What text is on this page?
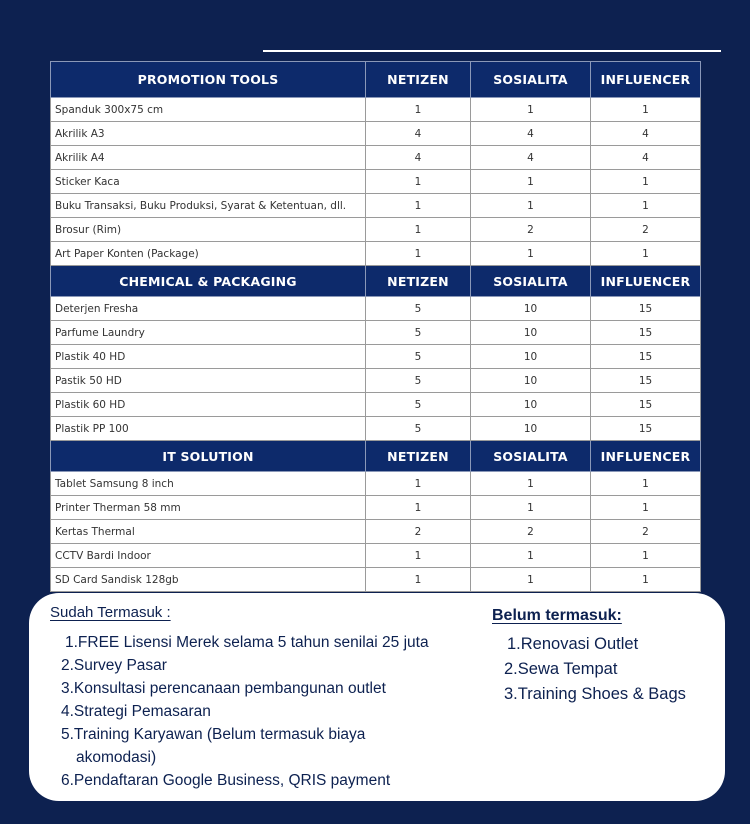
PROMOTION TOOLS	NETIZEN	SOSIALITA	INFLUENCER
Spanduk 300x75 cm	1	1	1
Akrilik A3	4	4	4
Akrilik A4	4	4	4
Sticker Kaca	1	1	1
Buku Transaksi, Buku Produksi, Syarat & Ketentuan, dll.	1	1	1
Brosur (Rim)	1	2	2
Art Paper Konten (Package)	1	1	1
CHEMICAL & PACKAGING	NETIZEN	SOSIALITA	INFLUENCER
Deterjen Fresha	5	10	15
Parfume Laundry	5	10	15
Plastik 40 HD	5	10	15
Pastik 50 HD	5	10	15
Plastik 60 HD	5	10	15
Plastik PP 100	5	10	15
IT SOLUTION	NETIZEN	SOSIALITA	INFLUENCER
Tablet Samsung 8 inch	1	1	1
Printer Therman 58 mm	1	1	1
Kertas Thermal	2	2	2
CCTV Bardi Indoor	1	1	1
SD Card Sandisk 128gb	1	1	1
Sudah Termasuk :
1.FREE Lisensi Merek selama 5 tahun senilai 25 juta
2.Survey Pasar
3.Konsultasi perencanaan pembangunan outlet
4.Strategi Pemasaran
5.Training Karyawan (Belum termasuk biaya
akomodasi)
6.Pendaftaran Google Business, QRIS payment
Belum termasuk:
1.Renovasi Outlet
2.Sewa Tempat
3.Training Shoes & Bags
